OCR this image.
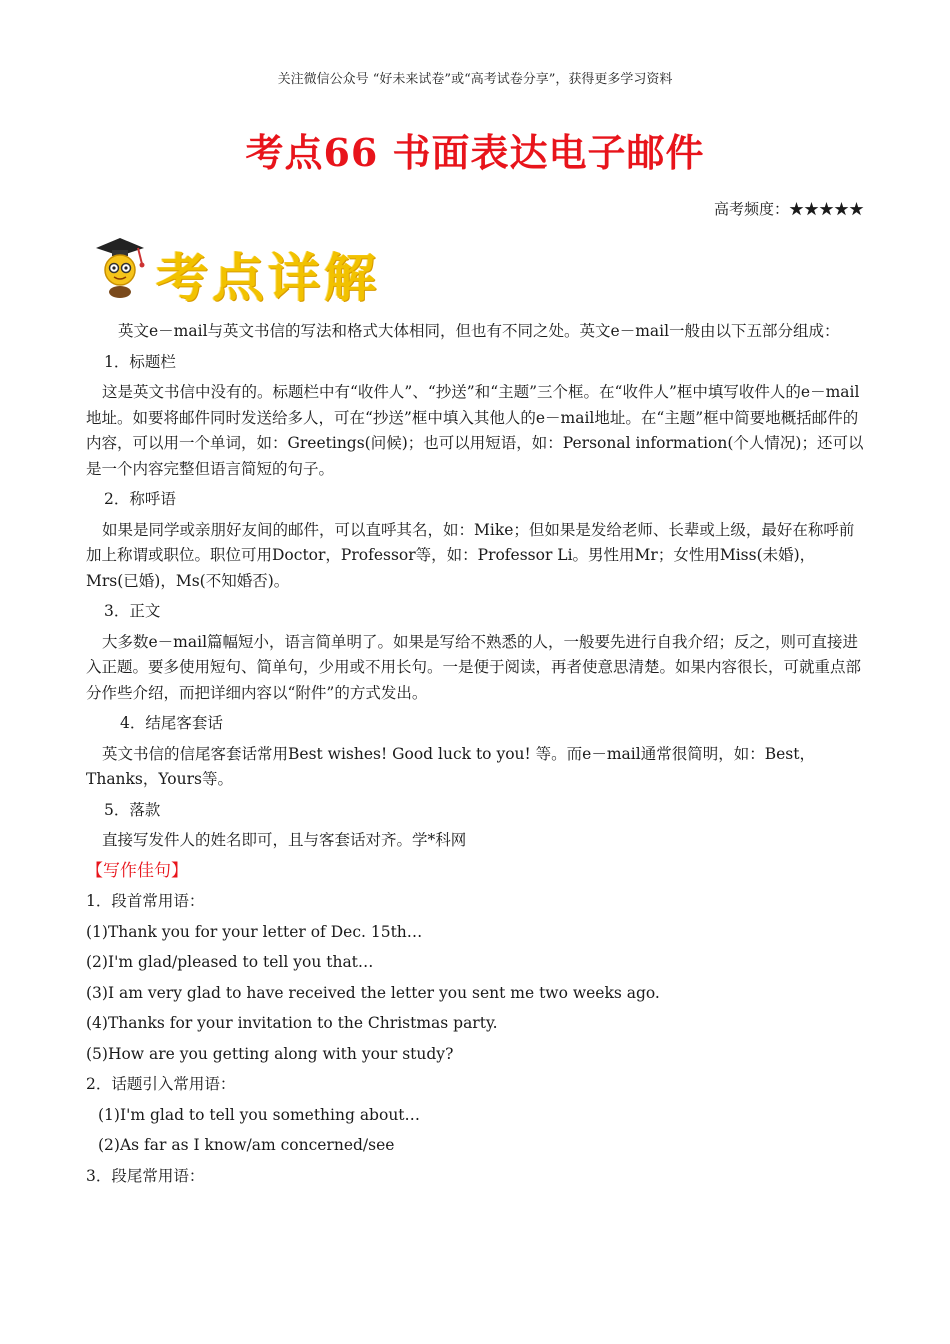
关注微信公众号 “好未来试卷”或“高考试卷分享”，获得更多学习资料
考点66 书面表达电子邮件
高考频度：★★★★★
考点详解

英文e－mail与英文书信的写法和格式大体相同，但也有不同之处。英文e－mail一般由以下五部分组成：

1．标题栏

这是英文书信中没有的。标题栏中有“收件人”、“抄送”和“主题”三个框。在“收件人”框中填写收件人的e－mail地址。如要将邮件同时发送给多人，可在“抄送”框中填入其他人的e－mail地址。在“主题”框中简要地概括邮件的内容，可以用一个单词，如：Greetings(问候)；也可以用短语，如：Personal information(个人情况)；还可以是一个内容完整但语言简短的句子。

2．称呼语

如果是同学或亲朋好友间的邮件，可以直呼其名，如：Mike；但如果是发给老师、长辈或上级，最好在称呼前加上称谓或职位。职位可用Doctor，Professor等，如：Professor Li。男性用Mr；女性用Miss(未婚)，Mrs(已婚)，Ms(不知婚否)。

3．正文

大多数e－mail篇幅短小，语言简单明了。如果是写给不熟悉的人，一般要先进行自我介绍；反之，则可直接进入正题。要多使用短句、简单句，少用或不用长句。一是便于阅读，再者使意思清楚。如果内容很长，可就重点部分作些介绍，而把详细内容以“附件”的方式发出。

4．结尾客套话

英文书信的信尾客套话常用Best wishes! Good luck to you! 等。而e－mail通常很简明，如：Best，Thanks，Yours等。

5．落款

直接写发件人的姓名即可，且与客套话对齐。学*科网

【写作佳句】

1．段首常用语：

(1)Thank you for your letter of Dec. 15th…

(2)I'm glad/pleased to tell you that…

(3)I am very glad to have received the letter you sent me two weeks ago.

(4)Thanks for your invitation to the Christmas party.

(5)How are you getting along with your study?

2．话题引入常用语：

(1)I'm glad to tell you something about…

(2)As far as I know/am concerned/see

3．段尾常用语：
